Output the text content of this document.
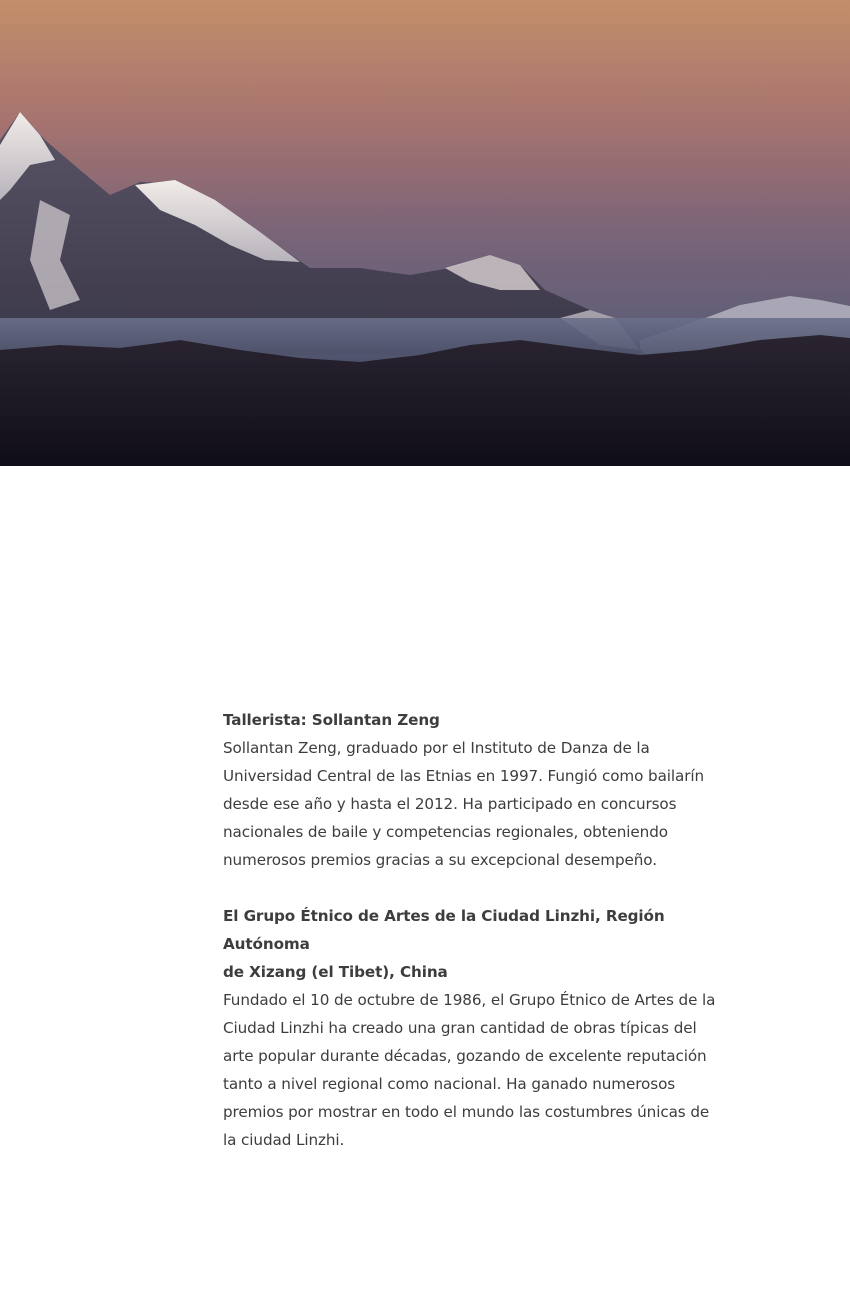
Tallerista: Sollantan Zeng

Sollantan Zeng, graduado por el Instituto de Danza de la

Universidad Central de las Etnias en 1997. Fungió como bailarín

desde ese año y hasta el 2012. Ha participado en concursos

nacionales de baile y competencias regionales, obteniendo

numerosos premios gracias a su excepcional desempeño.

El Grupo Étnico de Artes de la Ciudad Linzhi, Región Autónoma

de Xizang (el Tibet), China

Fundado el 10 de octubre de 1986, el Grupo Étnico de Artes de la

Ciudad Linzhi ha creado una gran cantidad de obras típicas del

arte popular durante décadas, gozando de excelente reputación

tanto a nivel regional como nacional. Ha ganado numerosos

premios por mostrar en todo el mundo las costumbres únicas de

la ciudad Linzhi.
